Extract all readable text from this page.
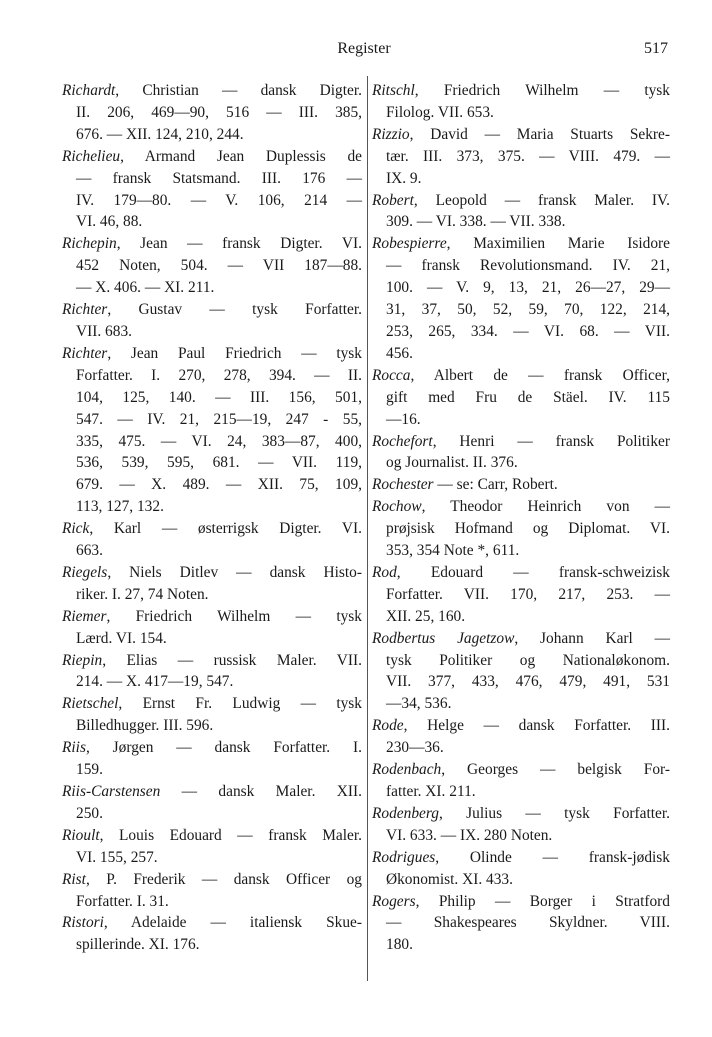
Register	517
Richardt, Christian — dansk Digter.
II. 206, 469—90, 516 — III. 385,
676. — XII. 124, 210, 244.
Richelieu, Armand Jean Duplessis de
— fransk Statsmand. III. 176 —
IV. 179—80. — V. 106, 214 —
VI. 46, 88.
Richepin, Jean — fransk Digter. VI.
452 Noten, 504. — VII 187—88.
— X. 406. — XI. 211.
Richter, Gustav — tysk Forfatter.
VII. 683.
Richter, Jean Paul Friedrich — tysk
Forfatter. I. 270, 278, 394. — II.
104, 125, 140. — III. 156, 501,
547. — IV. 21, 215—19, 247 - 55,
335, 475. — VI. 24, 383—87, 400,
536, 539, 595, 681. — VII. 119,
679. — X. 489. — XII. 75, 109,
113, 127, 132.
Rick, Karl — østerrigsk Digter. VI.
663.
Riegels, Niels Ditlev — dansk Histo-
riker. I. 27, 74 Noten.
Riemer, Friedrich Wilhelm — tysk
Lærd. VI. 154.
Riepin, Elias — russisk Maler. VII.
214. — X. 417—19, 547.
Rietschel, Ernst Fr. Ludwig — tysk
Billedhugger. III. 596.
Riis, Jørgen — dansk Forfatter. I.
159.
Riis-Carstensen — dansk Maler. XII.
250.
Rioult, Louis Edouard — fransk Maler.
VI. 155, 257.
Rist, P. Frederik — dansk Officer og
Forfatter. I. 31.
Ristori, Adelaide — italiensk Skue-
spillerinde. XI. 176.
Ritschl, Friedrich Wilhelm — tysk
Filolog. VII. 653.
Rizzio, David — Maria Stuarts Sekre-
tær. III. 373, 375. — VIII. 479. —
IX. 9.
Robert, Leopold — fransk Maler. IV.
309. — VI. 338. — VII. 338.
Robespierre, Maximilien Marie Isidore
— fransk Revolutionsmand. IV. 21,
100. — V. 9, 13, 21, 26—27, 29—
31, 37, 50, 52, 59, 70, 122, 214,
253, 265, 334. — VI. 68. — VII.
456.
Rocca, Albert de — fransk Officer,
gift med Fru de Stäel. IV. 115
—16.
Rochefort, Henri — fransk Politiker
og Journalist. II. 376.
Rochester — se: Carr, Robert.
Rochow, Theodor Heinrich von —
prøjsisk Hofmand og Diplomat. VI.
353, 354 Note *, 611.
Rod, Edouard — fransk-schweizisk
Forfatter. VII. 170, 217, 253. —
XII. 25, 160.
Rodbertus Jagetzow, Johann Karl —
tysk Politiker og Nationaløkonom.
VII. 377, 433, 476, 479, 491, 531
—34, 536.
Rode, Helge — dansk Forfatter. III.
230—36.
Rodenbach, Georges — belgisk For-
fatter. XI. 211.
Rodenberg, Julius — tysk Forfatter.
VI. 633. — IX. 280 Noten.
Rodrigues, Olinde — fransk-jødisk
Økonomist. XI. 433.
Rogers, Philip — Borger i Stratford
— Shakespeares Skyldner. VIII.
180.
